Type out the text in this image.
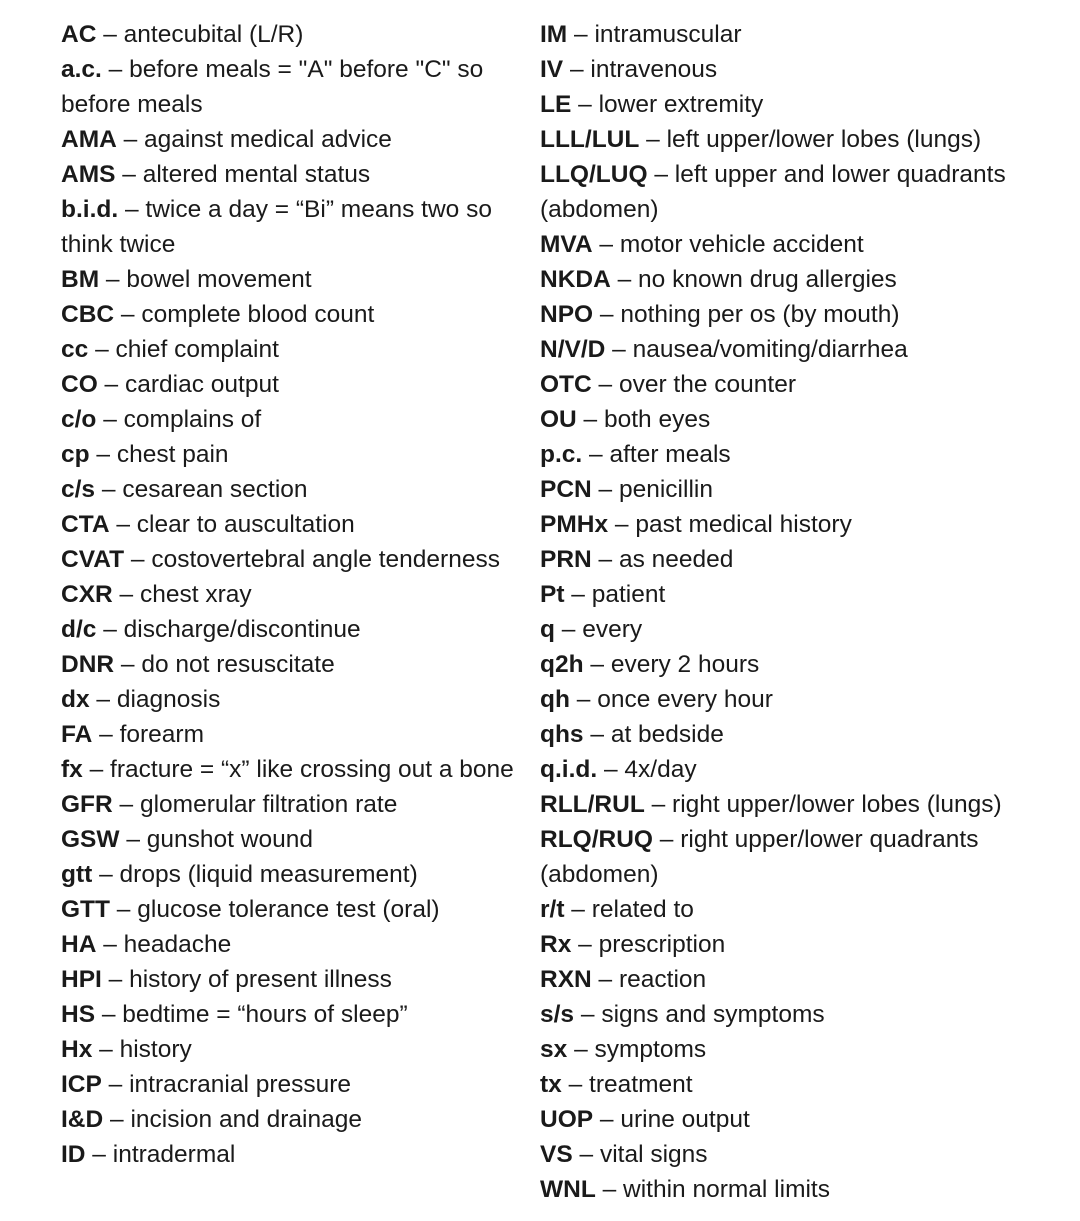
AC – antecubital (L/R)
a.c. – before meals = "A" before "C" so before meals
AMA – against medical advice
AMS – altered mental status
b.i.d. – twice a day = “Bi” means two so think twice
BM – bowel movement
CBC – complete blood count
cc – chief complaint
CO – cardiac output
c/o – complains of
cp – chest pain
c/s – cesarean section
CTA – clear to auscultation
CVAT – costovertebral angle tenderness
CXR – chest xray
d/c – discharge/discontinue
DNR – do not resuscitate
dx – diagnosis
FA – forearm
fx – fracture = “x” like crossing out a bone
GFR – glomerular filtration rate
GSW – gunshot wound
gtt – drops (liquid measurement)
GTT – glucose tolerance test (oral)
HA – headache
HPI – history of present illness
HS – bedtime = “hours of sleep”
Hx – history
ICP – intracranial pressure
I&D – incision and drainage
ID – intradermal
IM – intramuscular
IV – intravenous
LE – lower extremity
LLL/LUL – left upper/lower lobes (lungs)
LLQ/LUQ – left upper and lower quadrants (abdomen)
MVA – motor vehicle accident
NKDA – no known drug allergies
NPO – nothing per os (by mouth)
N/V/D – nausea/vomiting/diarrhea
OTC – over the counter
OU – both eyes
p.c. – after meals
PCN – penicillin
PMHx – past medical history
PRN – as needed
Pt – patient
q – every
q2h – every 2 hours
qh – once every hour
qhs – at bedside
q.i.d. – 4x/day
RLL/RUL – right upper/lower lobes (lungs)
RLQ/RUQ – right upper/lower quadrants (abdomen)
r/t – related to
Rx – prescription
RXN – reaction
s/s – signs and symptoms
sx – symptoms
tx – treatment
UOP – urine output
VS – vital signs
WNL – within normal limits
